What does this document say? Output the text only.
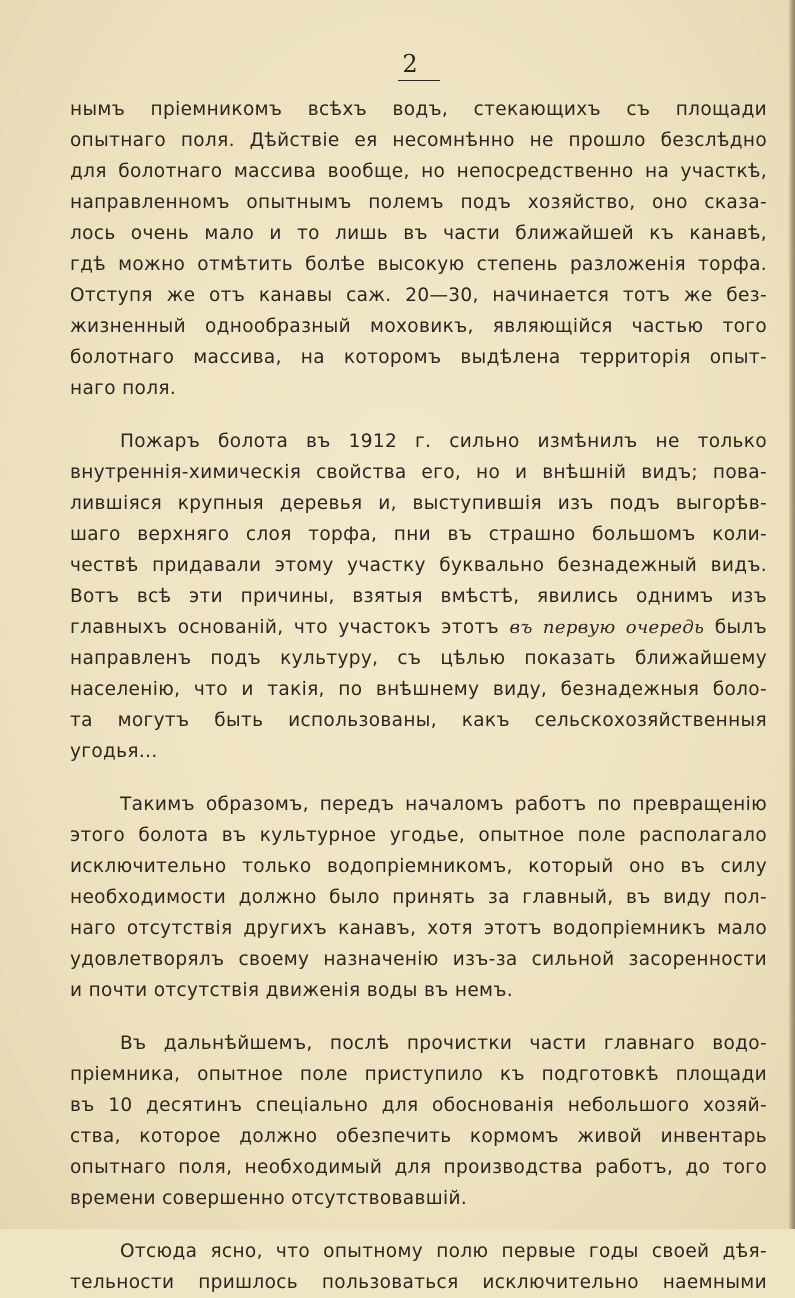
2
нымъ пріемникомъ всѣхъ водъ, стекающихъ съ площади
опытнаго поля. Дѣйствіе ея несомнѣнно не прошло безслѣдно
для болотнаго массива вообще, но непосредственно на участкѣ,
направленномъ опытнымъ полемъ подъ хозяйство, оно сказа-
лось очень мало и то лишь въ части ближайшей къ канавѣ,
гдѣ можно отмѣтить болѣе высокую степень разложенія торфа.
Отступя же отъ канавы саж. 20—30, начинается тотъ же без-
жизненный однообразный моховикъ, являющійся частью того
болотнаго массива, на которомъ выдѣлена территорія опыт-
наго поля.
Пожаръ болота въ 1912 г. сильно измѣнилъ не только
внутреннія-химическія свойства его, но и внѣшній видъ; пова-
лившіяся крупныя деревья и, выступившія изъ подъ выгорѣв-
шаго верхняго слоя торфа, пни въ страшно большомъ коли-
чествѣ придавали этому участку буквально безнадежный видъ.
Вотъ всѣ эти причины, взятыя вмѣстѣ, явились однимъ изъ
главныхъ основаній, что участокъ этотъ въ первую очередь былъ
направленъ подъ культуру, съ цѣлью показать ближайшему
населенію, что и такія, по внѣшнему виду, безнадежныя боло-
та могутъ быть использованы, какъ сельскохозяйственныя
угодья...
Такимъ образомъ, передъ началомъ работъ по превращенію
этого болота въ культурное угодье, опытное поле располагало
исключительно только водопріемникомъ, который оно въ силу
необходимости должно было принять за главный, въ виду пол-
наго отсутствія другихъ канавъ, хотя этотъ водопріемникъ мало
удовлетворялъ своему назначенію изъ-за сильной засоренности
и почти отсутствія движенія воды въ немъ.
Въ дальнѣйшемъ, послѣ прочистки части главнаго водо-
пріемника, опытное поле приступило къ подготовкѣ площади
въ 10 десятинъ спеціально для обоснованія небольшого хозяй-
ства, которое должно обезпечить кормомъ живой инвентарь
опытнаго поля, необходимый для производства работъ, до того
времени совершенно отсутствовавшій.
Отсюда ясно, что опытному полю первые годы своей дѣя-
тельности пришлось пользоваться исключительно наемными
